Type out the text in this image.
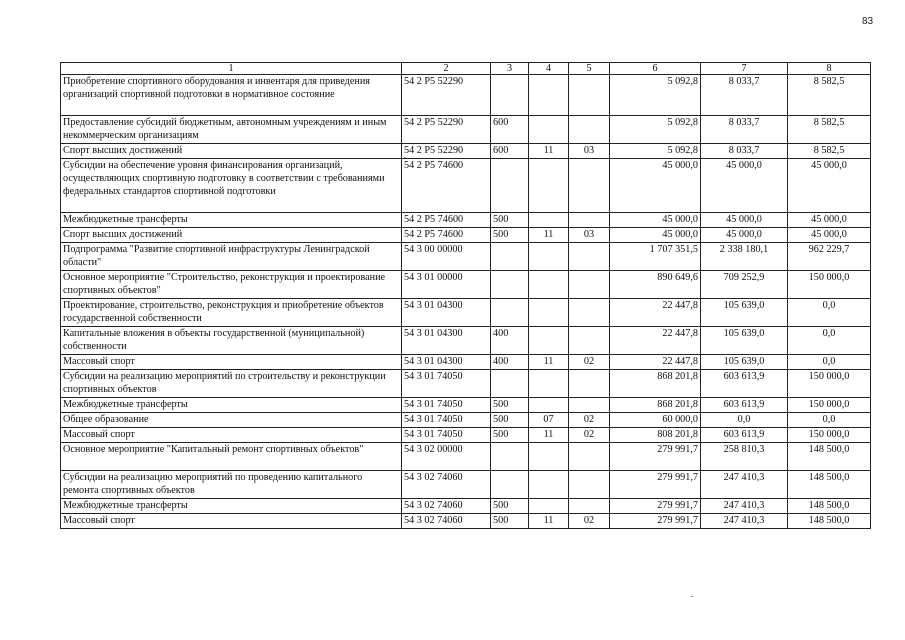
83
1	2	3	4	5	6	7	8
Приобретение спортивного оборудования и инвентаря для приведения организаций спортивной подготовки в нормативное состояние	54 2 P5 52290				5 092,8	8 033,7	8 582,5
Предоставление субсидий бюджетным, автономным учреждениям и иным некоммерческим организациям	54 2 P5 52290	600			5 092,8	8 033,7	8 582,5
Спорт высших достижений	54 2 P5 52290	600	11	03	5 092,8	8 033,7	8 582,5
Субсидии на обеспечение уровня финансирования организаций, осуществляющих спортивную подготовку в соответствии с требованиями федеральных стандартов спортивной подготовки	54 2 P5 74600				45 000,0	45 000,0	45 000,0
Межбюджетные трансферты	54 2 P5 74600	500			45 000,0	45 000,0	45 000,0
Спорт высших достижений	54 2 P5 74600	500	11	03	45 000,0	45 000,0	45 000,0
Подпрограмма "Развитие спортивной инфраструктуры Ленинградской области"	54 3 00 00000				1 707 351,5	2 338 180,1	962 229,7
Основное мероприятие "Строительство, реконструкция и проектирование спортивных объектов"	54 3 01 00000				890 649,6	709 252,9	150 000,0
Проектирование, строительство, реконструкция и приобретение объектов государственной собственности	54 3 01 04300				22 447,8	105 639,0	0,0
Капитальные вложения в объекты государственной (муниципальной) собственности	54 3 01 04300	400			22 447,8	105 639,0	0,0
Массовый спорт	54 3 01 04300	400	11	02	22 447,8	105 639,0	0,0
Субсидии на реализацию мероприятий по строительству и реконструкции спортивных объектов	54 3 01 74050				868 201,8	603 613,9	150 000,0
Межбюджетные трансферты	54 3 01 74050	500			868 201,8	603 613,9	150 000,0
Общее образование	54 3 01 74050	500	07	02	60 000,0	0,0	0,0
Массовый спорт	54 3 01 74050	500	11	02	808 201,8	603 613,9	150 000,0
Основное мероприятие "Капитальный ремонт спортивных объектов"	54 3 02 00000				279 991,7	258 810,3	148 500,0
Субсидии на реализацию мероприятий по проведению капитального ремонта спортивных объектов	54 3 02 74060				279 991,7	247 410,3	148 500,0
Межбюджетные трансферты	54 3 02 74060	500			279 991,7	247 410,3	148 500,0
Массовый спорт	54 3 02 74060	500	11	02	279 991,7	247 410,3	148 500,0
